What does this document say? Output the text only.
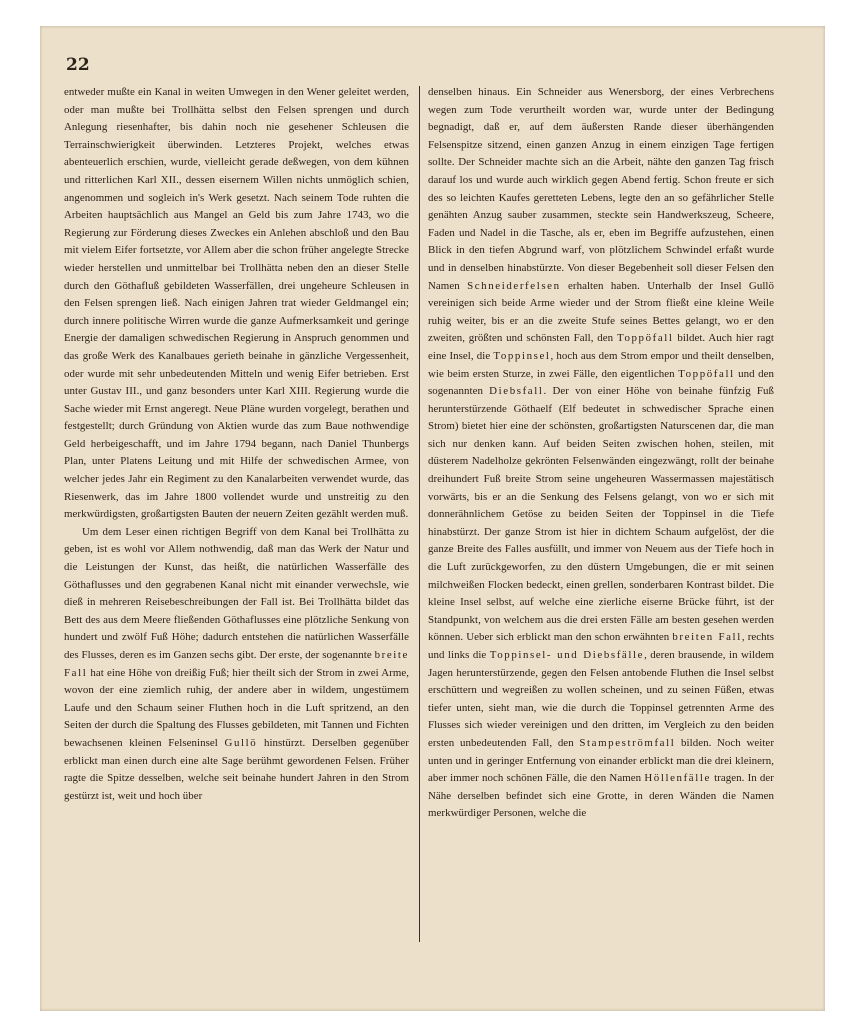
22

entweder mußte ein Kanal in weiten Umwegen in den Wener geleitet werden, oder man mußte bei Trollhätta selbst den Felsen sprengen und durch Anlegung riesenhafter, bis dahin noch nie gesehener Schleusen die Terrainschwierigkeit überwinden. Letzteres Projekt, welches etwas abenteuerlich erschien, wurde, vielleicht gerade deßwegen, von dem kühnen und ritterlichen Karl XII., dessen eisernem Willen nichts unmöglich schien, angenommen und sogleich in's Werk gesetzt. Nach seinem Tode ruhten die Arbeiten hauptsächlich aus Mangel an Geld bis zum Jahre 1743, wo die Regierung zur Förderung dieses Zweckes ein Anlehen abschloß und den Bau mit vielem Eifer fortsetzte, vor Allem aber die schon früher angelegte Strecke wieder herstellen und unmittelbar bei Trollhätta neben den an dieser Stelle durch den Göthafluß gebildeten Wasserfällen, drei ungeheure Schleusen in den Felsen sprengen ließ. Nach einigen Jahren trat wieder Geldmangel ein; durch innere politische Wirren wurde die ganze Aufmerksamkeit und geringe Energie der damaligen schwedischen Regierung in Anspruch genommen und das große Werk des Kanalbaues gerieth beinahe in gänzliche Vergessenheit, oder wurde mit sehr unbedeutenden Mitteln und wenig Eifer betrieben. Erst unter Gustav III., und ganz besonders unter Karl XIII. Regierung wurde die Sache wieder mit Ernst angeregt. Neue Pläne wurden vorgelegt, berathen und festgestellt; durch Gründung von Aktien wurde das zum Baue nothwendige Geld herbeigeschafft, und im Jahre 1794 begann, nach Daniel Thunbergs Plan, unter Platens Leitung und mit Hilfe der schwedischen Armee, von welcher jedes Jahr ein Regiment zu den Kanalarbeiten verwendet wurde, das Riesenwerk, das im Jahre 1800 vollendet wurde und unstreitig zu den merkwürdigsten, großartigsten Bauten der neuern Zeiten gezählt werden muß.

Um dem Leser einen richtigen Begriff von dem Kanal bei Trollhätta zu geben, ist es wohl vor Allem nothwendig, daß man das Werk der Natur und die Leistungen der Kunst, das heißt, die natürlichen Wasserfälle des Göthaflusses und den gegrabenen Kanal nicht mit einander verwechsle, wie dieß in mehreren Reisebeschreibungen der Fall ist. Bei Trollhätta bildet das Bett des aus dem Meere fließenden Göthaflusses eine plötzliche Senkung von hundert und zwölf Fuß Höhe; dadurch entstehen die natürlichen Wasserfälle des Flusses, deren es im Ganzen sechs gibt. Der erste, der sogenannte breite Fall hat eine Höhe von dreißig Fuß; hier theilt sich der Strom in zwei Arme, wovon der eine ziemlich ruhig, der andere aber in wildem, ungestümem Laufe und den Schaum seiner Fluthen hoch in die Luft spritzend, an den Seiten der durch die Spaltung des Flusses gebildeten, mit Tannen und Fichten bewachsenen kleinen Felseninsel Gullö hinstürzt. Derselben gegenüber erblickt man einen durch eine alte Sage berühmt gewordenen Felsen. Früher ragte die Spitze desselben, welche seit beinahe hundert Jahren in den Strom gestürzt ist, weit und hoch über

denselben hinaus. Ein Schneider aus Wenersborg, der eines Verbrechens wegen zum Tode verurtheilt worden war, wurde unter der Bedingung begnadigt, daß er, auf dem äußersten Rande dieser überhängenden Felsenspitze sitzend, einen ganzen Anzug in einem einzigen Tage fertigen sollte. Der Schneider machte sich an die Arbeit, nähte den ganzen Tag frisch darauf los und wurde auch wirklich gegen Abend fertig. Schon freute er sich des so leichten Kaufes geretteten Lebens, legte den an so gefährlicher Stelle genähten Anzug sauber zusammen, steckte sein Handwerkszeug, Scheere, Faden und Nadel in die Tasche, als er, eben im Begriffe aufzustehen, einen Blick in den tiefen Abgrund warf, von plötzlichem Schwindel erfaßt wurde und in denselben hinabstürzte. Von dieser Begebenheit soll dieser Felsen den Namen Schneiderfelsen erhalten haben. Unterhalb der Insel Gullö vereinigen sich beide Arme wieder und der Strom fließt eine kleine Weile ruhig weiter, bis er an die zweite Stufe seines Bettes gelangt, wo er den zweiten, größten und schönsten Fall, den Toppöfall bildet. Auch hier ragt eine Insel, die Toppinsel, hoch aus dem Strom empor und theilt denselben, wie beim ersten Sturze, in zwei Fälle, den eigentlichen Toppöfall und den sogenannten Diebsfall. Der von einer Höhe von beinahe fünfzig Fuß herunterstürzende Göthaelf (Elf bedeutet in schwedischer Sprache einen Strom) bietet hier eine der schönsten, großartigsten Naturscenen dar, die man sich nur denken kann. Auf beiden Seiten zwischen hohen, steilen, mit düsterem Nadelholze gekrönten Felsenwänden eingezwängt, rollt der beinahe dreihundert Fuß breite Strom seine ungeheuren Wassermassen majestätisch vorwärts, bis er an die Senkung des Felsens gelangt, von wo er sich mit donnerähnlichem Getöse zu beiden Seiten der Toppinsel in die Tiefe hinabstürzt. Der ganze Strom ist hier in dichtem Schaum aufgelöst, der die ganze Breite des Falles ausfüllt, und immer von Neuem aus der Tiefe hoch in die Luft zurückgeworfen, zu den düstern Umgebungen, die er mit seinen milchweißen Flocken bedeckt, einen grellen, sonderbaren Kontrast bildet. Die kleine Insel selbst, auf welche eine zierliche eiserne Brücke führt, ist der Standpunkt, von welchem aus die drei ersten Fälle am besten gesehen werden können. Ueber sich erblickt man den schon erwähnten breiten Fall, rechts und links die Toppinsel- und Diebsfälle, deren brausende, in wildem Jagen herunterstürzende, gegen den Felsen antobende Fluthen die Insel selbst erschüttern und wegreißen zu wollen scheinen, und zu seinen Füßen, etwas tiefer unten, sieht man, wie die durch die Toppinsel getrennten Arme des Flusses sich wieder vereinigen und den dritten, im Vergleich zu den beiden ersten unbedeutenden Fall, den Stampeströmfall bilden. Noch weiter unten und in geringer Entfernung von einander erblickt man die drei kleinern, aber immer noch schönen Fälle, die den Namen Höllenfälle tragen. In der Nähe derselben befindet sich eine Grotte, in deren Wänden die Namen merkwürdiger Personen, welche die
